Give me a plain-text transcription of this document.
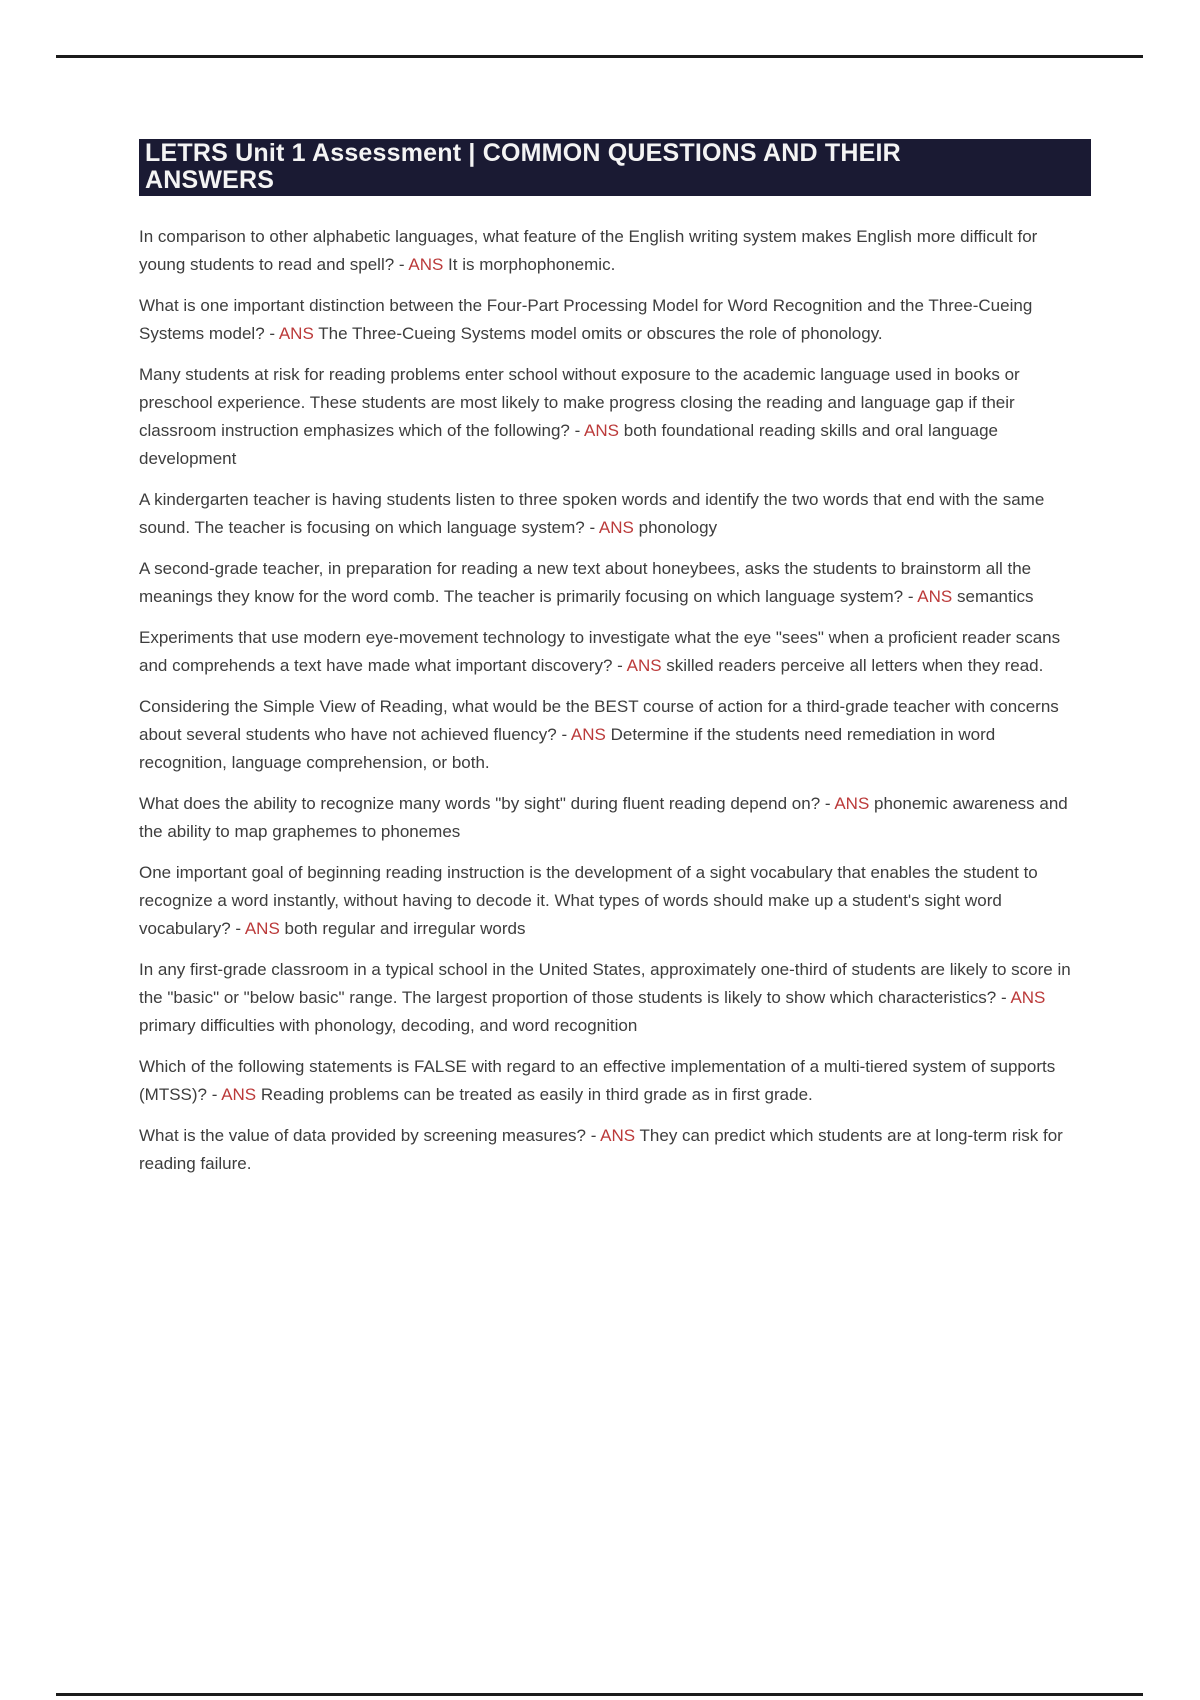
LETRS Unit 1 Assessment | COMMON QUESTIONS AND THEIR
ANSWERS

In comparison to other alphabetic languages, what feature of the English writing system makes English more difficult for young students to read and spell? - ANS It is morphophonemic.

What is one important distinction between the Four-Part Processing Model for Word Recognition and the Three-Cueing Systems model? - ANS The Three-Cueing Systems model omits or obscures the role of phonology.

Many students at risk for reading problems enter school without exposure to the academic language used in books or preschool experience. These students are most likely to make progress closing the reading and language gap if their classroom instruction emphasizes which of the following? - ANS both foundational reading skills and oral language development

A kindergarten teacher is having students listen to three spoken words and identify the two words that end with the same sound. The teacher is focusing on which language system? - ANS phonology

A second-grade teacher, in preparation for reading a new text about honeybees, asks the students to brainstorm all the meanings they know for the word comb. The teacher is primarily focusing on which language system? - ANS semantics

Experiments that use modern eye-movement technology to investigate what the eye "sees" when a proficient reader scans and comprehends a text have made what important discovery? - ANS skilled readers perceive all letters when they read.

Considering the Simple View of Reading, what would be the BEST course of action for a third-grade teacher with concerns about several students who have not achieved fluency? - ANS Determine if the students need remediation in word recognition, language comprehension, or both.

What does the ability to recognize many words "by sight" during fluent reading depend on? - ANS phonemic awareness and the ability to map graphemes to phonemes

One important goal of beginning reading instruction is the development of a sight vocabulary that enables the student to recognize a word instantly, without having to decode it. What types of words should make up a student's sight word vocabulary? - ANS both regular and irregular words

In any first-grade classroom in a typical school in the United States, approximately one-third of students are likely to score in the "basic" or "below basic" range. The largest proportion of those students is likely to show which characteristics? - ANS primary difficulties with phonology, decoding, and word recognition

Which of the following statements is FALSE with regard to an effective implementation of a multi-tiered system of supports (MTSS)? - ANS Reading problems can be treated as easily in third grade as in first grade.

What is the value of data provided by screening measures? - ANS They can predict which students are at long-term risk for reading failure.
